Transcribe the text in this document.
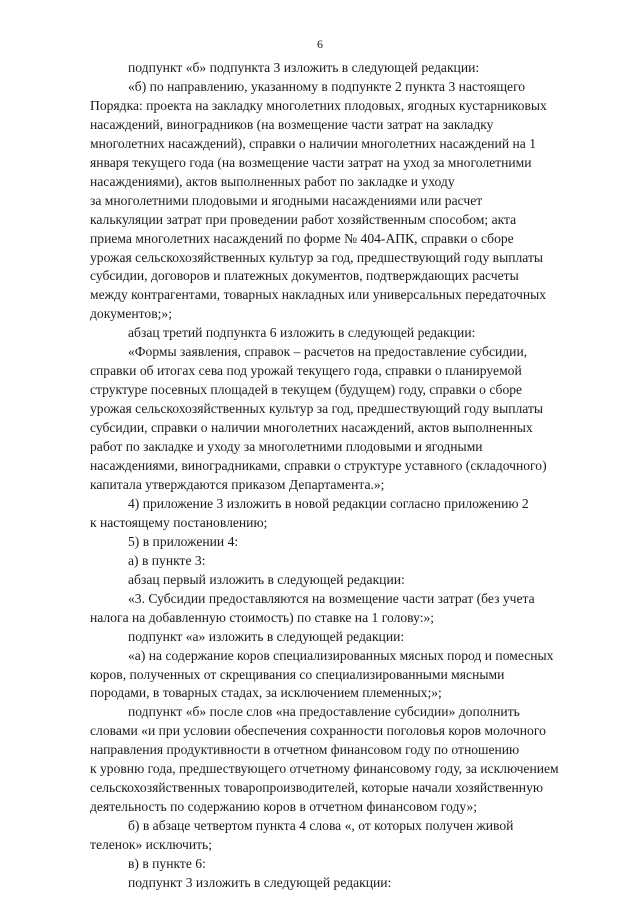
6

подпункт «б» подпункта 3 изложить в следующей редакции:

«б) по направлению, указанному в подпункте 2 пункта 3 настоящего
Порядка: проекта на закладку многолетних плодовых, ягодных кустарниковых
насаждений, виноградников (на возмещение части затрат на закладку
многолетних насаждений), справки о наличии многолетних насаждений на 1
января текущего года (на возмещение части затрат на уход за многолетними
насаждениями), актов выполненных работ по закладке и уходу
за многолетними плодовыми и ягодными насаждениями или расчет
калькуляции затрат при проведении работ хозяйственным способом; акта
приема многолетних насаждений по форме № 404-АПК, справки о сборе
урожая сельскохозяйственных культур за год, предшествующий году выплаты
субсидии, договоров и платежных документов, подтверждающих расчеты
между контрагентами, товарных накладных или универсальных передаточных
документов;»;

абзац третий подпункта 6 изложить в следующей редакции:

«Формы заявления, справок – расчетов на предоставление субсидии,
справки об итогах сева под урожай текущего года, справки о планируемой
структуре посевных площадей в текущем (будущем) году, справки о сборе
урожая сельскохозяйственных культур за год, предшествующий году выплаты
субсидии, справки о наличии многолетних насаждений, актов выполненных
работ по закладке и уходу за многолетними плодовыми и ягодными
насаждениями, виноградниками, справки о структуре уставного (складочного)
капитала утверждаются приказом Департамента.»;

4) приложение 3 изложить в новой редакции согласно приложению 2
к настоящему постановлению;

5) в приложении 4:

а) в пункте 3:

абзац первый изложить в следующей редакции:

«3. Субсидии предоставляются на возмещение части затрат (без учета
налога на добавленную стоимость) по ставке на 1 голову:»;

подпункт «а» изложить в следующей редакции:

«а) на содержание коров специализированных мясных пород и помесных
коров, полученных от скрещивания со специализированными мясными
породами, в товарных стадах, за исключением племенных;»;

подпункт «б» после слов «на предоставление субсидии» дополнить
словами «и при условии обеспечения сохранности поголовья коров молочного
направления продуктивности в отчетном финансовом году по отношению
к уровню года, предшествующего отчетному финансовому году, за исключением
сельскохозяйственных товаропроизводителей, которые начали хозяйственную
деятельность по содержанию коров в отчетном финансовом году»;

б) в абзаце четвертом пункта 4 слова «, от которых получен живой
теленок» исключить;

в) в пункте 6:

подпункт 3 изложить в следующей редакции:
